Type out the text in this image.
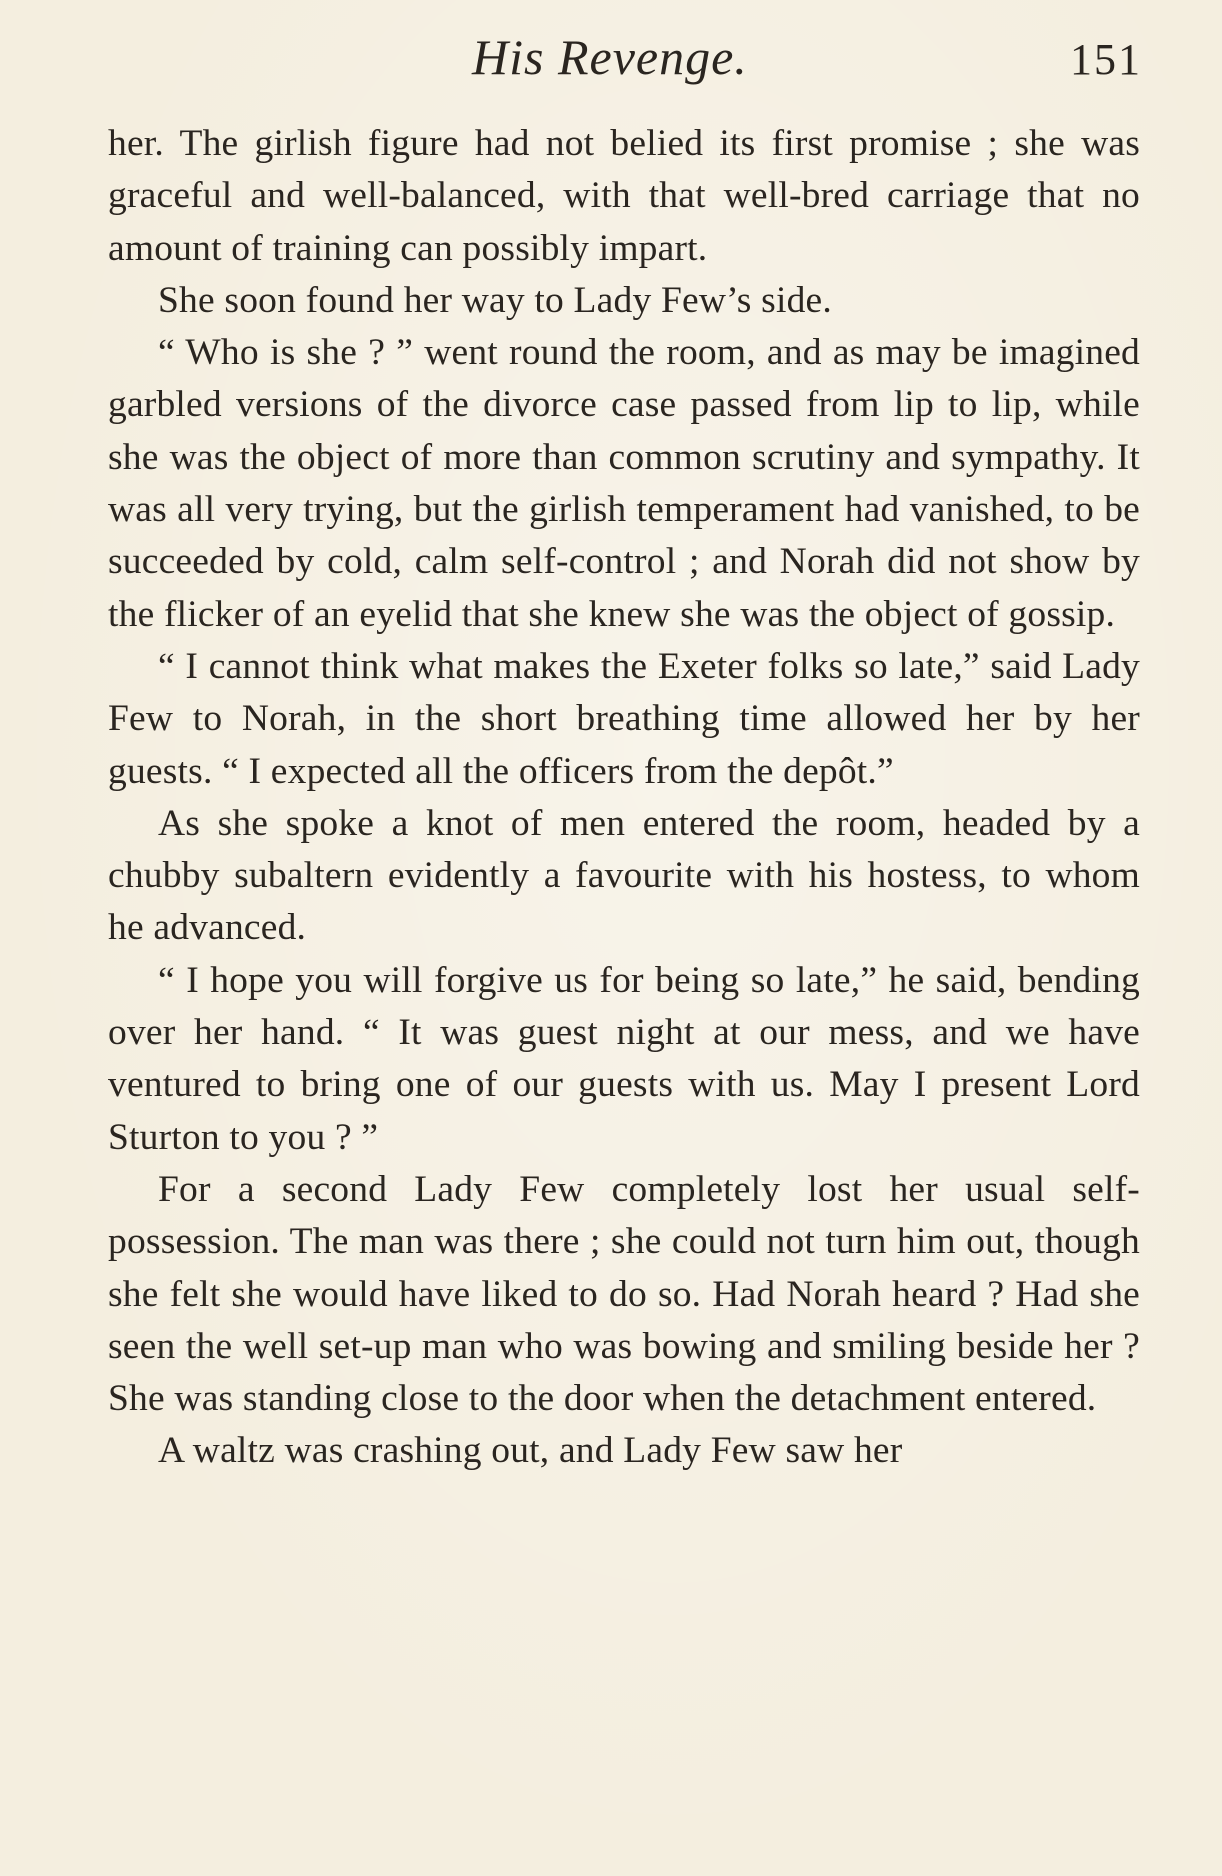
His Revenge.	151

her. The girlish figure had not belied its first promise ; she was graceful and well-balanced, with that well-bred carriage that no amount of training can possibly impart.

She soon found her way to Lady Few’s side.

“ Who is she ? ” went round the room, and as may be imagined garbled versions of the divorce case passed from lip to lip, while she was the object of more than common scrutiny and sympathy. It was all very trying, but the girlish temperament had vanished, to be succeeded by cold, calm self-control ; and Norah did not show by the flicker of an eyelid that she knew she was the object of gossip.

“ I cannot think what makes the Exeter folks so late,” said Lady Few to Norah, in the short breathing time allowed her by her guests. “ I expected all the officers from the depôt.”

As she spoke a knot of men entered the room, headed by a chubby subaltern evidently a favourite with his hostess, to whom he advanced.

“ I hope you will forgive us for being so late,” he said, bending over her hand. “ It was guest night at our mess, and we have ventured to bring one of our guests with us. May I present Lord Sturton to you ? ”

For a second Lady Few completely lost her usual self-possession. The man was there ; she could not turn him out, though she felt she would have liked to do so. Had Norah heard ? Had she seen the well set-up man who was bowing and smiling beside her ? She was standing close to the door when the detachment entered.

A waltz was crashing out, and Lady Few saw her
